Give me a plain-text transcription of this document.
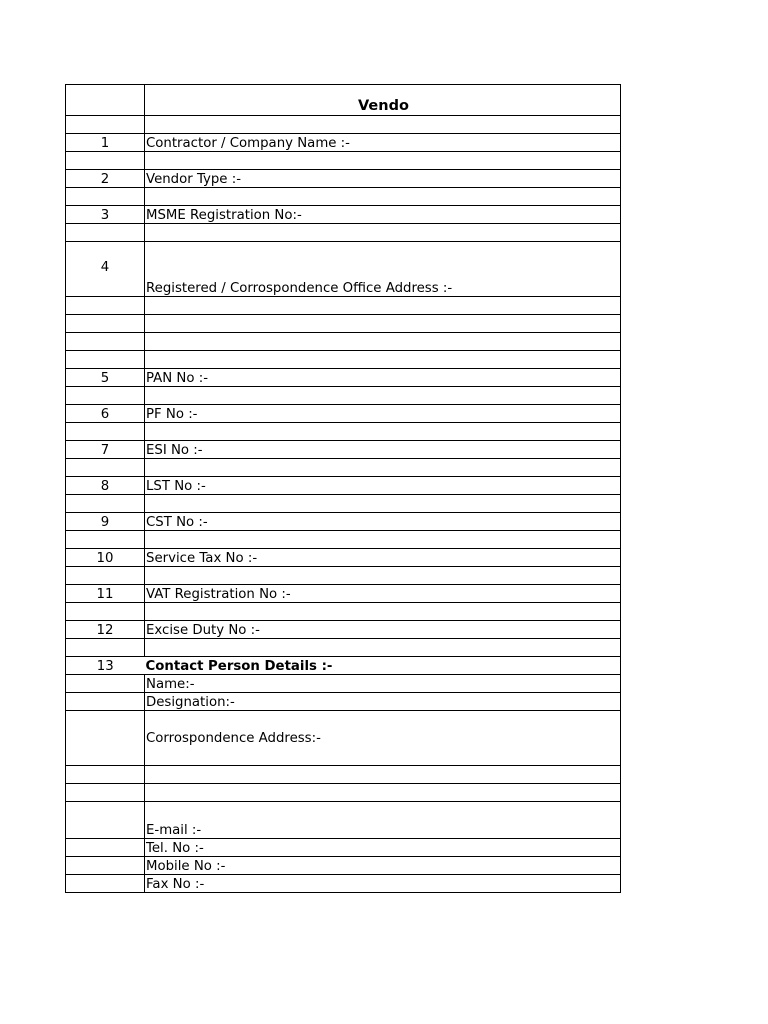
	Vendo

1	Contractor / Company Name :-

2	Vendor Type :-

3	MSME Registration No:-

4	Registered / Corrospondence Office Address :-

5	PAN No :-

6	PF No :-

7	ESI No :-

8	LST No :-

9	CST No :-

10	Service Tax No :-

11	VAT Registration No :-

12	Excise Duty No :-

13	Contact Person Details :-
	Name:-
	Designation:-
	Corrospondence Address:-

	E-mail :-
	Tel. No :-
	Mobile No :-
	Fax No :-
